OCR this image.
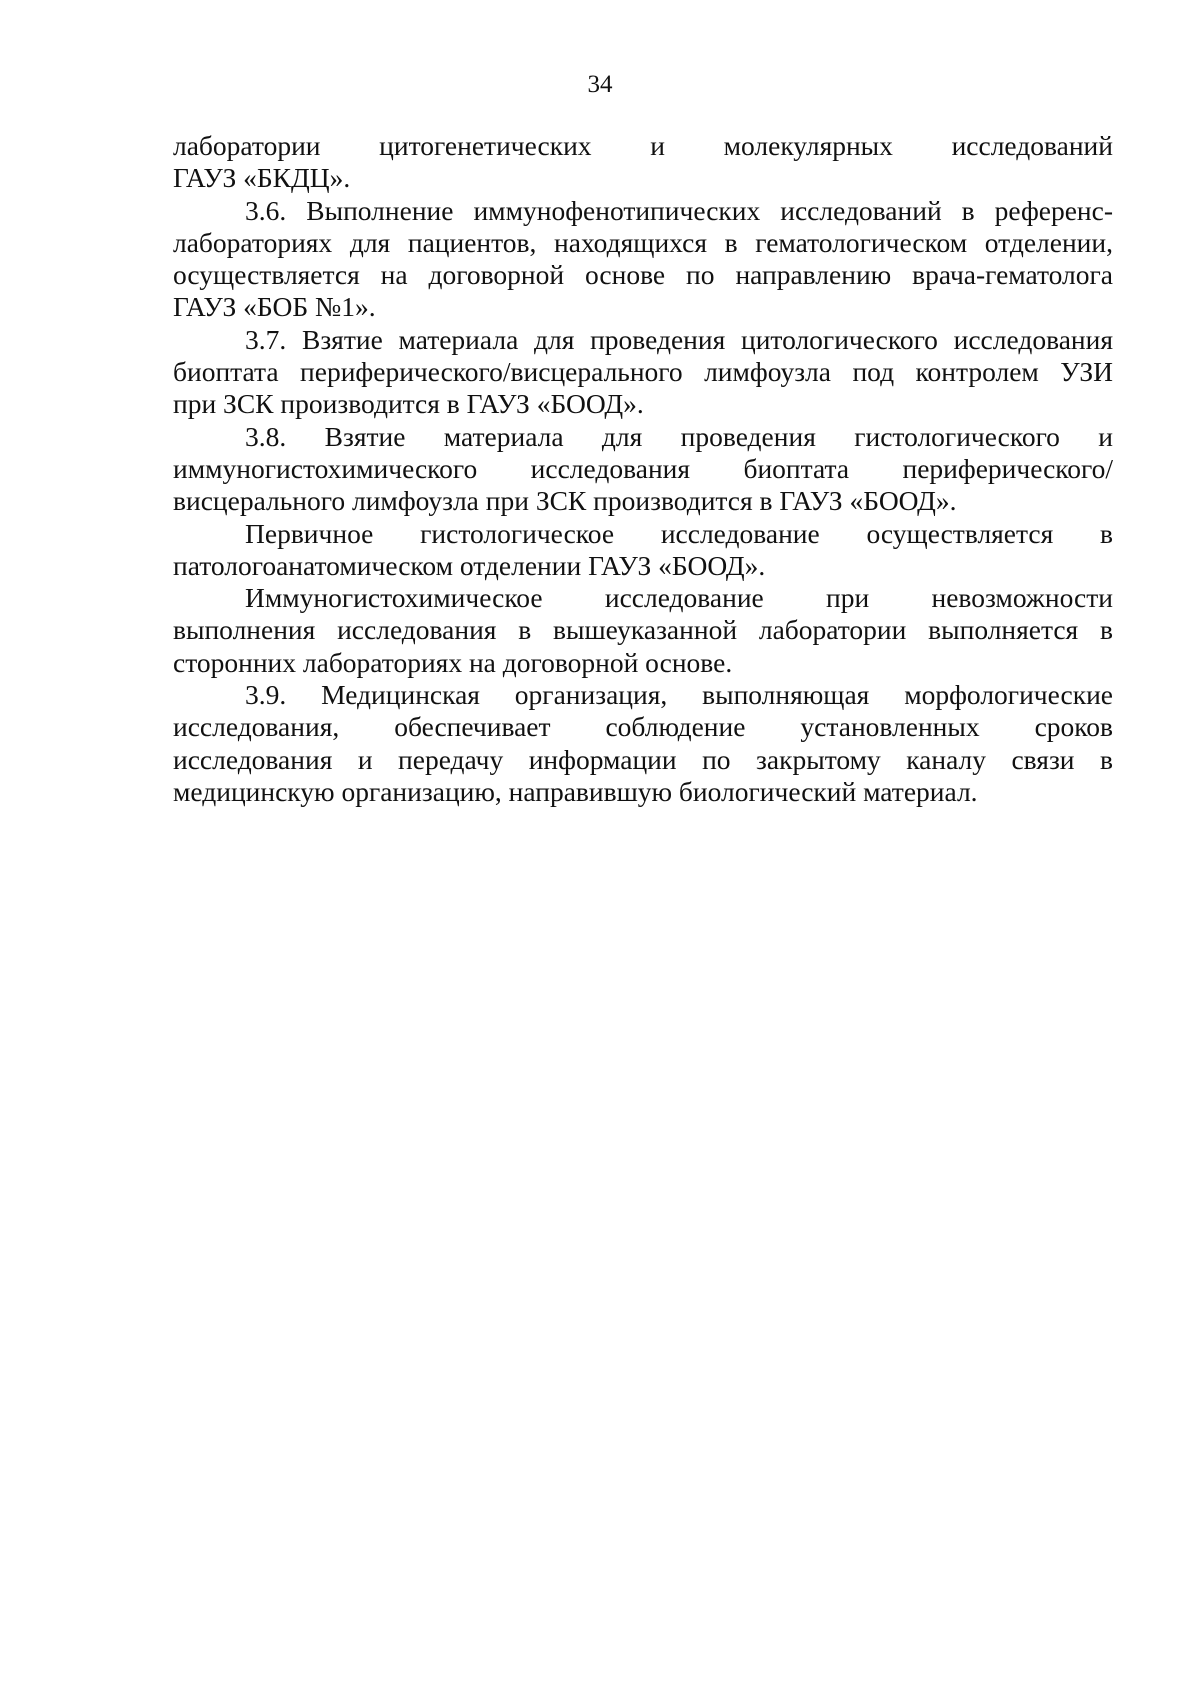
34
лаборатории цитогенетических и молекулярных исследований
ГАУЗ «БКДЦ».
3.6. Выполнение иммунофенотипических исследований в референс-
лабораториях для пациентов, находящихся в гематологическом отделении,
осуществляется на договорной основе по направлению врача-гематолога
ГАУЗ «БОБ №1».
3.7. Взятие материала для проведения цитологического исследования
биоптата периферического/висцерального лимфоузла под контролем УЗИ
при ЗСК производится в ГАУЗ «БООД».
3.8. Взятие материала для проведения гистологического и
иммуногистохимического исследования биоптата периферического/
висцерального лимфоузла при ЗСК производится в ГАУЗ «БООД».
Первичное гистологическое исследование осуществляется в
патологоанатомическом отделении ГАУЗ «БООД».
Иммуногистохимическое исследование при невозможности
выполнения исследования в вышеуказанной лаборатории выполняется в
сторонних лабораториях на договорной основе.
3.9. Медицинская организация, выполняющая морфологические
исследования, обеспечивает соблюдение установленных сроков
исследования и передачу информации по закрытому каналу связи в
медицинскую организацию, направившую биологический материал.
